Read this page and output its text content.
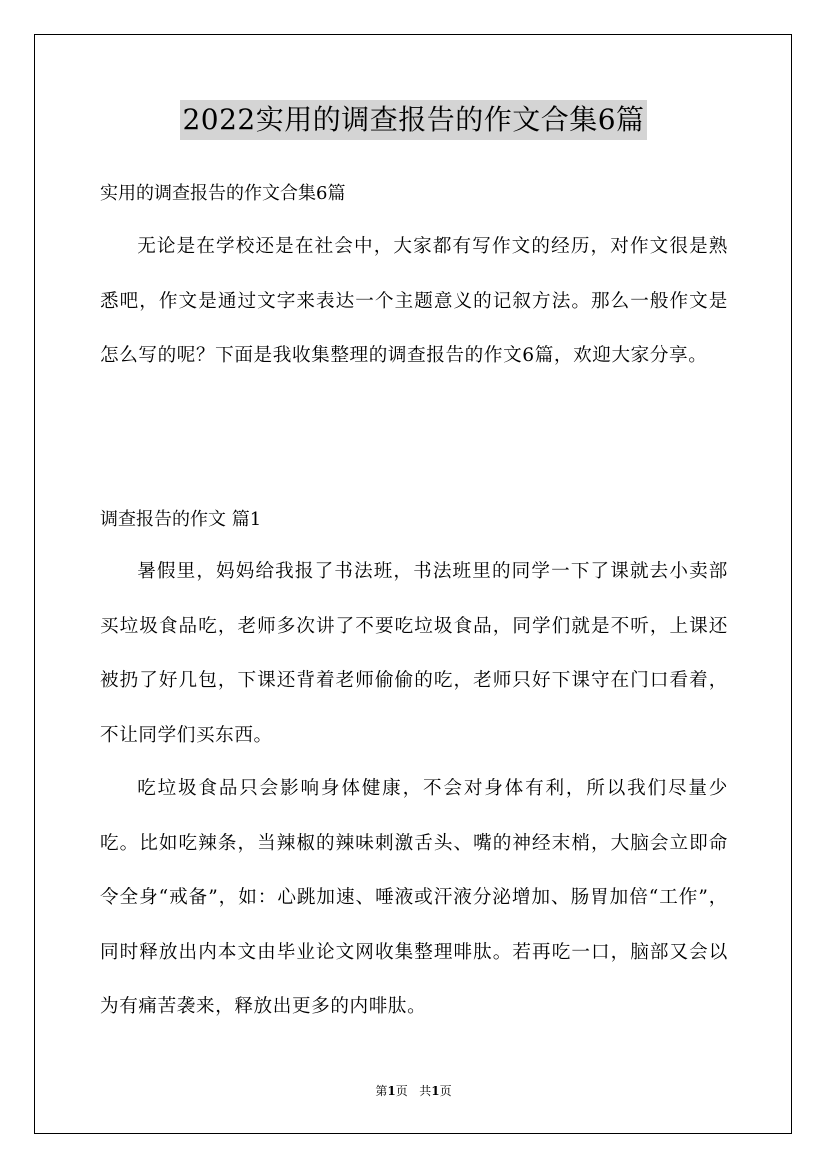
2022实用的调查报告的作文合集6篇
实用的调查报告的作文合集6篇

无论是在学校还是在社会中，大家都有写作文的经历，对作文很是熟悉吧，作文是通过文字来表达一个主题意义的记叙方法。那么一般作文是怎么写的呢？下面是我收集整理的调查报告的作文6篇，欢迎大家分享。

调查报告的作文 篇1

暑假里，妈妈给我报了书法班，书法班里的同学一下了课就去小卖部买垃圾食品吃，老师多次讲了不要吃垃圾食品，同学们就是不听，上课还被扔了好几包，下课还背着老师偷偷的吃，老师只好下课守在门口看着，不让同学们买东西。

吃垃圾食品只会影响身体健康，不会对身体有利，所以我们尽量少吃。比如吃辣条，当辣椒的辣味刺激舌头、嘴的神经末梢，大脑会立即命令全身“戒备”，如：心跳加速、唾液或汗液分泌增加、肠胃加倍“工作”，同时释放出内本文由毕业论文网收集整理啡肽。若再吃一口，脑部又会以为有痛苦袭来，释放出更多的内啡肽。

第1页 共1页
